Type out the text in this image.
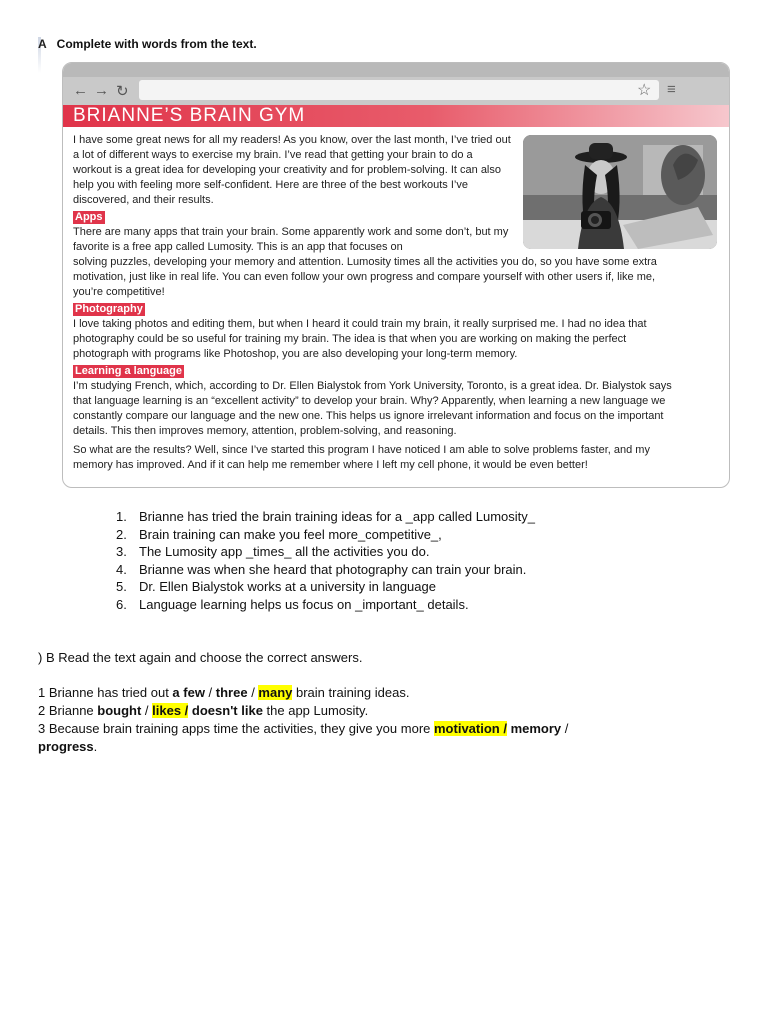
A Complete with words from the text.
← → ↻	☆ ≡
BRIANNE’S BRAIN GYM

I have some great news for all my readers! As you know, over the last month, I’ve tried out a lot of different ways to exercise my brain. I’ve read that getting your brain to do a workout is a great idea for developing your creativity and for problem-solving. It can also help you with feeling more self-confident. Here are three of the best workouts I’ve discovered, and their results.

Apps

There are many apps that train your brain. Some apparently work and some don’t, but my favorite is a free app called Lumosity. This is an app that focuses on

solving puzzles, developing your memory and attention. Lumosity times all the activities you do, so you have some extra motivation, just like in real life. You can even follow your own progress and compare yourself with other users if, like me, you’re competitive!

Photography

I love taking photos and editing them, but when I heard it could train my brain, it really surprised me. I had no idea that photography could be so useful for training my brain. The idea is that when you are working on making the perfect photograph with programs like Photoshop, you are also developing your long-term memory.

Learning a language

I’m studying French, which, according to Dr. Ellen Bialystok from York University, Toronto, is a great idea. Dr. Bialystok says that language learning is an “excellent activity” to develop your brain. Why? Apparently, when learning a new language we constantly compare our language and the new one. This helps us ignore irrelevant information and focus on the important details. This then improves memory, attention, problem-solving, and reasoning.

So what are the results? Well, since I’ve started this program I have noticed I am able to solve problems faster, and my memory has improved. And if it can help me remember where I left my cell phone, it would be even better!

1. Brianne has tried the brain training ideas for a _app called Lumosity_
2. Brain training can make you feel more_competitive_,
3. The Lumosity app _times_ all the activities you do.
4. Brianne was when she heard that photography can train your brain.
5. Dr. Ellen Bialystok works at a university in language
6. Language learning helps us focus on _important_ details.
) B Read the text again and choose the correct answers.
1 Brianne has tried out a few / three / many brain training ideas.
2 Brianne bought / likes / doesn't like the app Lumosity.
3 Because brain training apps time the activities, they give you more motivation / memory /
progress.
